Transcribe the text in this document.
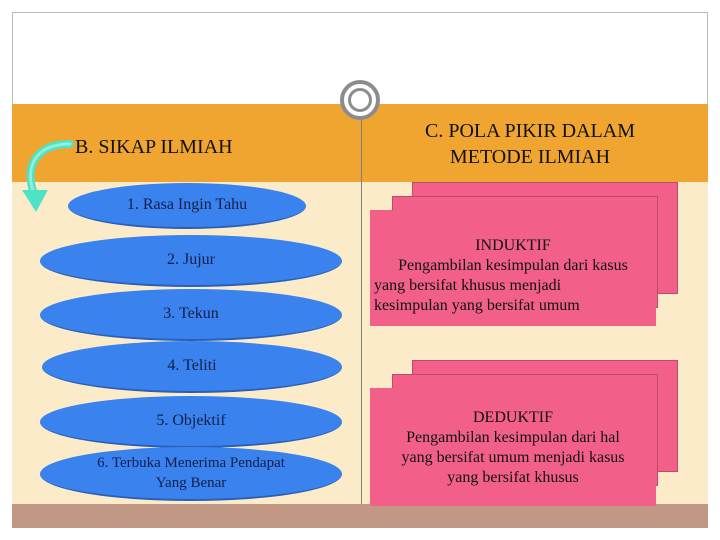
B. SIKAP ILMIAH
C. POLA PIKIR DALAM
METODE ILMIAH
1. Rasa Ingin Tahu
2. Jujur
3. Tekun
4. Teliti
5. Objektif
6. Terbuka Menerima Pendapat
Yang Benar
INDUKTIF
Pengambilan kesimpulan dari kasus
yang bersifat khusus menjadi
kesimpulan yang bersifat umum
DEDUKTIF
Pengambilan kesimpulan dari hal
yang bersifat umum menjadi kasus
yang bersifat khusus
